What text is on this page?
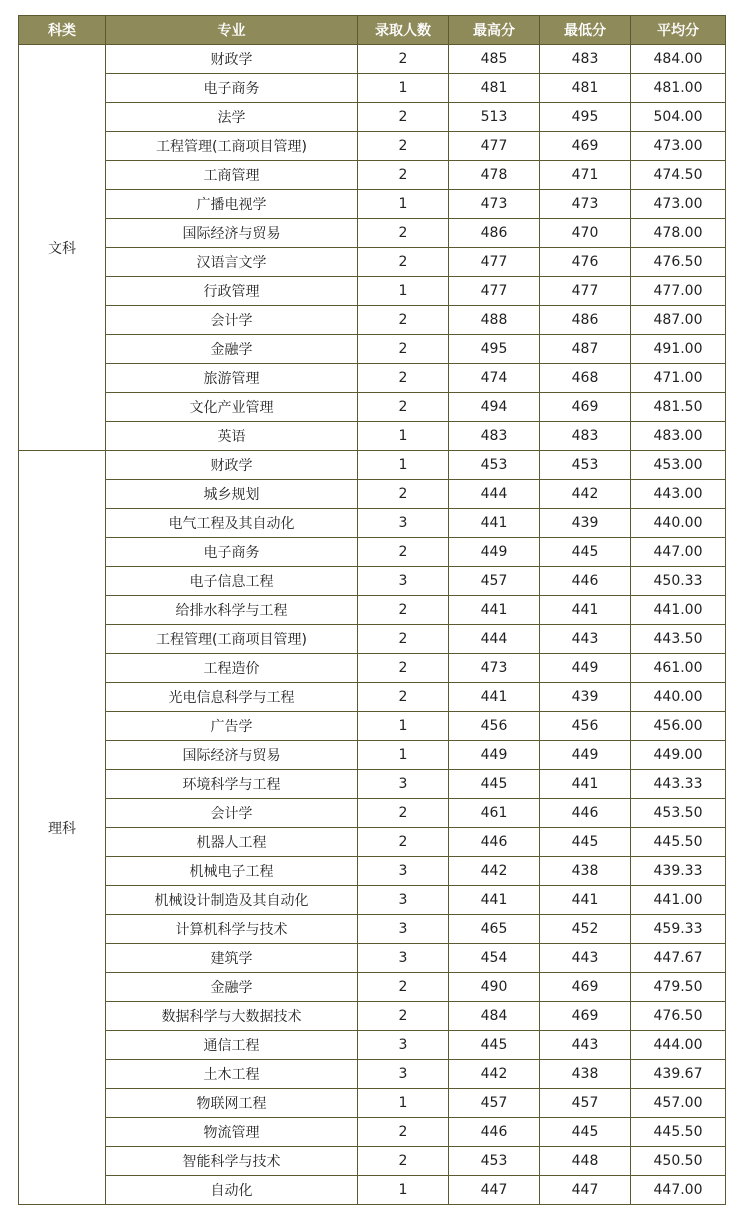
科类	专业	录取人数	最高分	最低分	平均分
文科	财政学	2	485	483	484.00
	电子商务	1	481	481	481.00
	法学	2	513	495	504.00
	工程管理(工商项目管理)	2	477	469	473.00
	工商管理	2	478	471	474.50
	广播电视学	1	473	473	473.00
	国际经济与贸易	2	486	470	478.00
	汉语言文学	2	477	476	476.50
	行政管理	1	477	477	477.00
	会计学	2	488	486	487.00
	金融学	2	495	487	491.00
	旅游管理	2	474	468	471.00
	文化产业管理	2	494	469	481.50
	英语	1	483	483	483.00
理科	财政学	1	453	453	453.00
	城乡规划	2	444	442	443.00
	电气工程及其自动化	3	441	439	440.00
	电子商务	2	449	445	447.00
	电子信息工程	3	457	446	450.33
	给排水科学与工程	2	441	441	441.00
	工程管理(工商项目管理)	2	444	443	443.50
	工程造价	2	473	449	461.00
	光电信息科学与工程	2	441	439	440.00
	广告学	1	456	456	456.00
	国际经济与贸易	1	449	449	449.00
	环境科学与工程	3	445	441	443.33
	会计学	2	461	446	453.50
	机器人工程	2	446	445	445.50
	机械电子工程	3	442	438	439.33
	机械设计制造及其自动化	3	441	441	441.00
	计算机科学与技术	3	465	452	459.33
	建筑学	3	454	443	447.67
	金融学	2	490	469	479.50
	数据科学与大数据技术	2	484	469	476.50
	通信工程	3	445	443	444.00
	土木工程	3	442	438	439.67
	物联网工程	1	457	457	457.00
	物流管理	2	446	445	445.50
	智能科学与技术	2	453	448	450.50
	自动化	1	447	447	447.00
